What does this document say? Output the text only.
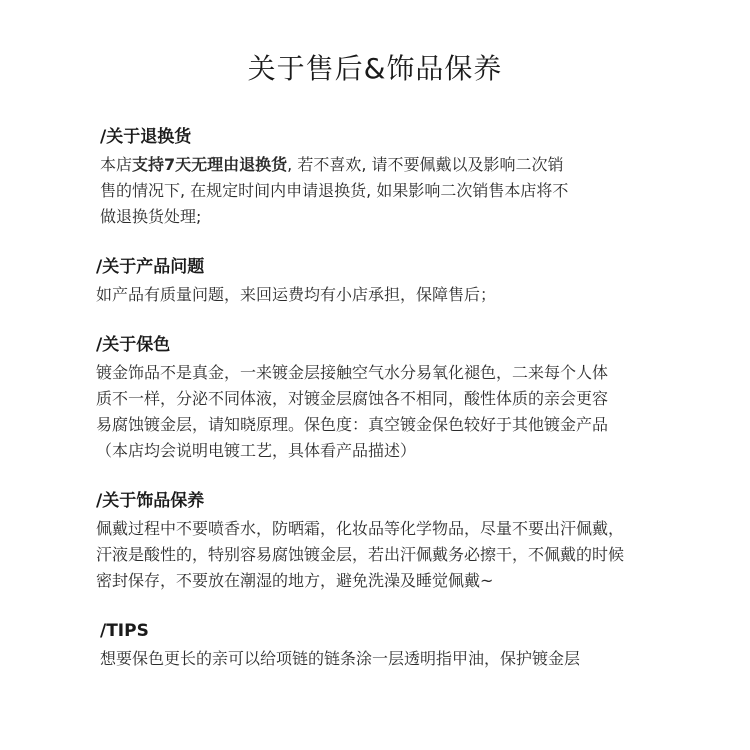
关于售后&饰品保养
/关于退换货

本店支持7天无理由退换货, 若不喜欢, 请不要佩戴以及影响二次销
售的情况下, 在规定时间内申请退换货, 如果影响二次销售本店将不
做退换货处理;

/关于产品问题

如产品有质量问题，来回运费均有小店承担，保障售后；

/关于保色

镀金饰品不是真金，一来镀金层接触空气水分易氧化褪色，二来每个人体
质不一样，分泌不同体液，对镀金层腐蚀各不相同，酸性体质的亲会更容
易腐蚀镀金层，请知晓原理。保色度：真空镀金保色较好于其他镀金产品
（本店均会说明电镀工艺，具体看产品描述）

/关于饰品保养

佩戴过程中不要喷香水，防晒霜，化妆品等化学物品，尽量不要出汗佩戴，
汗液是酸性的，特别容易腐蚀镀金层，若出汗佩戴务必擦干，不佩戴的时候
密封保存，不要放在潮湿的地方，避免洗澡及睡觉佩戴~

/TIPS

想要保色更长的亲可以给项链的链条涂一层透明指甲油，保护镀金层
